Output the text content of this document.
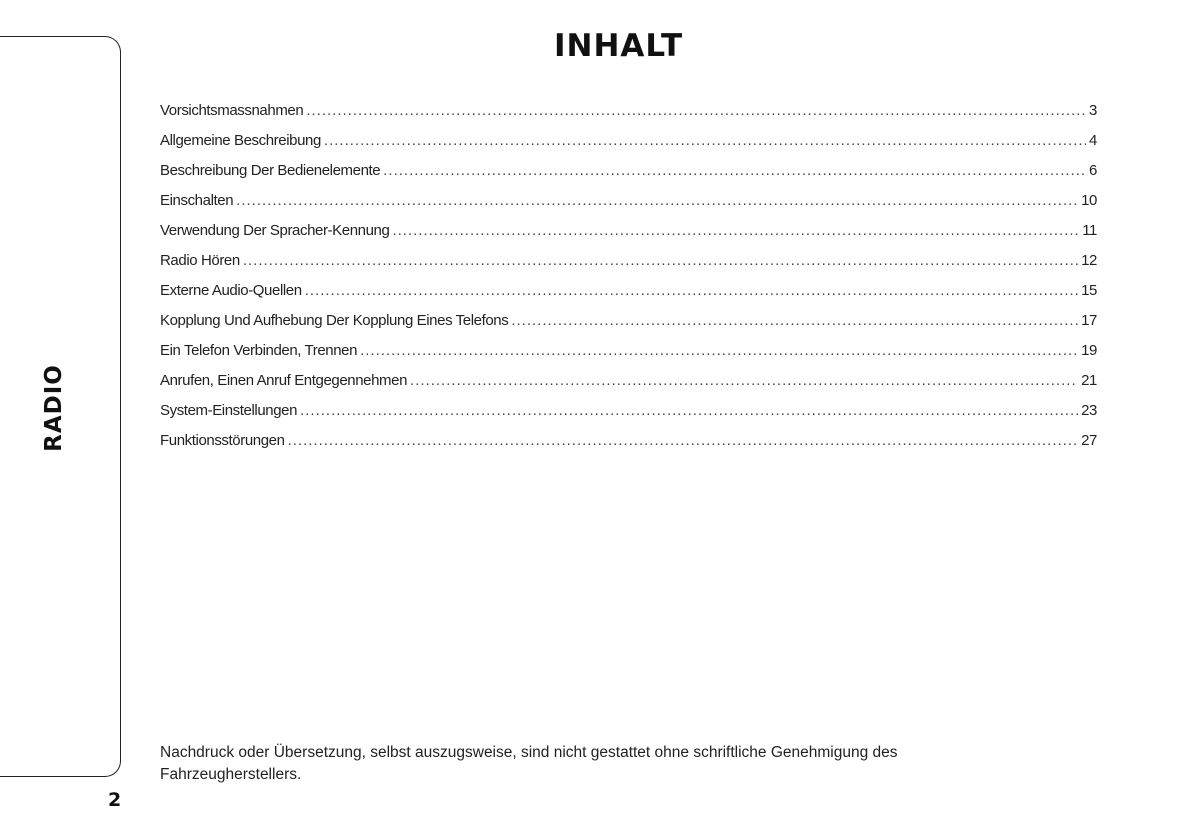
RADIO
2
INHALT
Vorsichtsmassnahmen .....	3
Allgemeine Beschreibung .....	4
Beschreibung Der Bedienelemente .....	6
Einschalten .....	10
Verwendung Der Spracher-Kennung .....	11
Radio Hören .....	12
Externe Audio-Quellen .....	15
Kopplung Und Aufhebung Der Kopplung Eines Telefons .....	17
Ein Telefon Verbinden, Trennen .....	19
Anrufen, Einen Anruf Entgegennehmen .....	21
System-Einstellungen .....	23
Funktionsstörungen .....	27

Nachdruck oder Übersetzung, selbst auszugsweise, sind nicht gestattet ohne schriftliche Genehmigung des Fahrzeugherstellers.
